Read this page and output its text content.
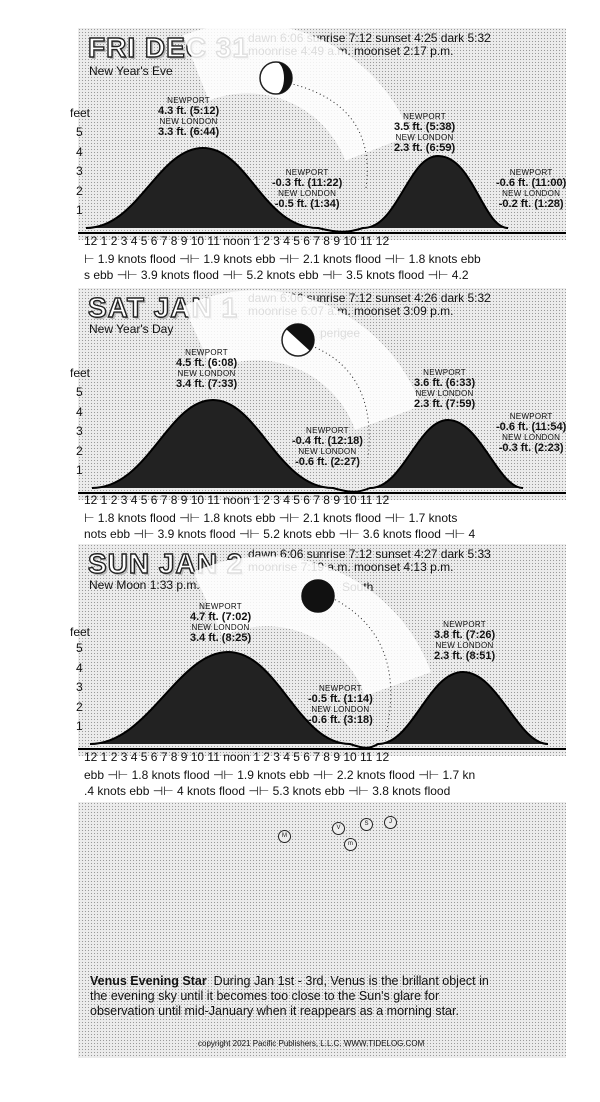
FRI DEC 31 dawn 6:06 sunrise 7:12 sunset 4:25 dark 5:32
moonrise 4:49 a.m. moonset 2:17 p.m.
New Year's Eve
NEWPORT
4.3 ft. (5:12)
NEW LONDON
3.3 ft. (6:44)
NEWPORT
-0.3 ft. (11:22)
NEW LONDON
-0.5 ft. (1:34)
NEWPORT
3.5 ft. (5:38)
NEW LONDON
2.3 ft. (6:59)
NEWPORT
-0.6 ft. (11:00)
NEW LONDON
-0.2 ft. (1:28)
feet
5
4
3
2
1
12 1 2 3 4 5 6 7 8 9 10 11 noon 1 2 3 4 5 6 7 8 9 10 11 12
⊢ 1.9 knots flood ⊣⊢ 1.9 knots ebb ⊣⊢ 2.1 knots flood ⊣⊢ 1.8 knots ebb
s ebb ⊣⊢ 3.9 knots flood ⊣⊢ 5.2 knots ebb ⊣⊢ 3.5 knots flood ⊣⊢ 4.2
SAT JAN 1 dawn 6:06 sunrise 7:12 sunset 4:26 dark 5:32
moonrise 6:07 a.m. moonset 3:09 p.m.
New Year's Day	perigee
NEWPORT
4.5 ft. (6:08)
NEW LONDON
3.4 ft. (7:33)
NEWPORT
-0.4 ft. (12:18)
NEW LONDON
-0.6 ft. (2:27)
NEWPORT
3.6 ft. (6:33)
NEW LONDON
2.3 ft. (7:59)
NEWPORT
-0.6 ft. (11:54)
NEW LONDON
-0.3 ft. (2:23)
feet
5
4
3
2
1
12 1 2 3 4 5 6 7 8 9 10 11 noon 1 2 3 4 5 6 7 8 9 10 11 12
⊢ 1.8 knots flood ⊣⊢ 1.8 knots ebb ⊣⊢ 2.1 knots flood ⊣⊢ 1.7 knots
nots ebb ⊣⊢ 3.9 knots flood ⊣⊢ 5.2 knots ebb ⊣⊢ 3.6 knots flood ⊣⊢ 4
SUN JAN 2 dawn 6:06 sunrise 7:12 sunset 4:27 dark 5:33
moonrise 7:19 a.m. moonset 4:13 p.m.
New Moon 1:33 p.m.	South
NEWPORT
4.7 ft. (7:02)
NEW LONDON
3.4 ft. (8:25)
NEWPORT
-0.5 ft. (1:14)
NEW LONDON
-0.6 ft. (3:18)
NEWPORT
3.8 ft. (7:26)
NEW LONDON
2.3 ft. (8:51)
feet
5
4
3
2
1
12 1 2 3 4 5 6 7 8 9 10 11 noon 1 2 3 4 5 6 7 8 9 10 11 12
ebb ⊣⊢ 1.8 knots flood ⊣⊢ 1.9 knots ebb ⊣⊢ 2.2 knots flood ⊣⊢ 1.7 kn
.4 knots ebb ⊣⊢ 4 knots flood ⊣⊢ 5.3 knots ebb ⊣⊢ 3.8 knots flood
M
V
S	J
m
Venus Evening Star During Jan 1st - 3rd, Venus is the brillant object in the evening sky until it becomes too close to the Sun's glare for observation until mid-January when it reappears as a morning star.
copyright 2021 Pacific Publishers, L.L.C. WWW.TIDELOG.COM
